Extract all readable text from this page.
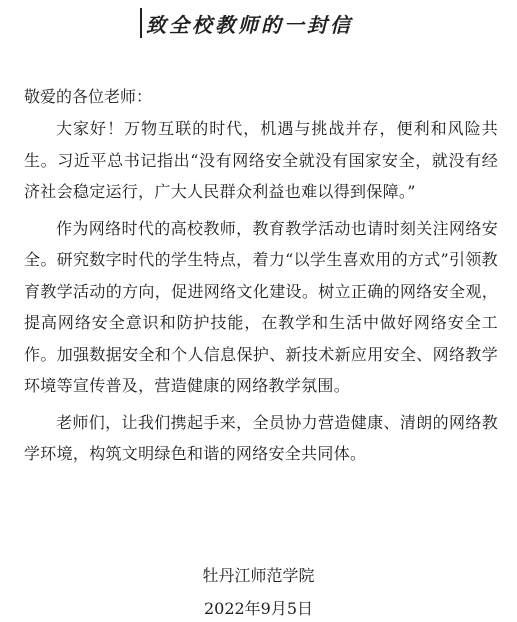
致全校教师的一封信
敬爱的各位老师：

大家好！万物互联的时代，机遇与挑战并存，便利和风险共生。习近平总书记指出“没有网络安全就没有国家安全，就没有经济社会稳定运行，广大人民群众利益也难以得到保障。”

作为网络时代的高校教师，教育教学活动也请时刻关注网络安全。研究数字时代的学生特点，着力“以学生喜欢用的方式”引领教育教学活动的方向，促进网络文化建设。树立正确的网络安全观，提高网络安全意识和防护技能，在教学和生活中做好网络安全工作。加强数据安全和个人信息保护、新技术新应用安全、网络教学环境等宣传普及，营造健康的网络教学氛围。

老师们，让我们携起手来，全员协力营造健康、清朗的网络教学环境，构筑文明绿色和谐的网络安全共同体。

牡丹江师范学院
2022年9月5日
